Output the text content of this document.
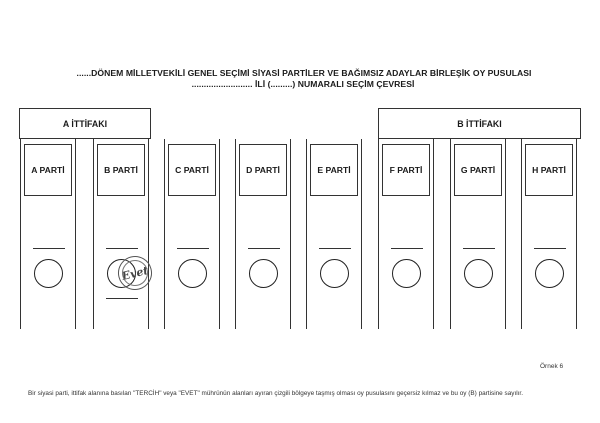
......DÖNEM MİLLETVEKİLİ GENEL SEÇİMİ SİYASİ PARTİLER VE BAĞIMSIZ ADAYLAR BİRLEŞİK OY PUSULASI
......................... İLİ (.........) NUMARALI SEÇİM ÇEVRESİ
A İTTİFAKI	B İTTİFAKI
A PARTİ	B PARTİ	C PARTİ	D PARTİ	E PARTİ	F PARTİ	G PARTİ	H PARTİ
Evet
Örnek 6
Bir siyasi parti, ittifak alanına basılan "TERCİH" veya "EVET" mührünün alanları ayıran çizgili bölgeye taşmış olması oy pusulasını geçersiz kılmaz ve bu oy (B) partisine sayılır.
